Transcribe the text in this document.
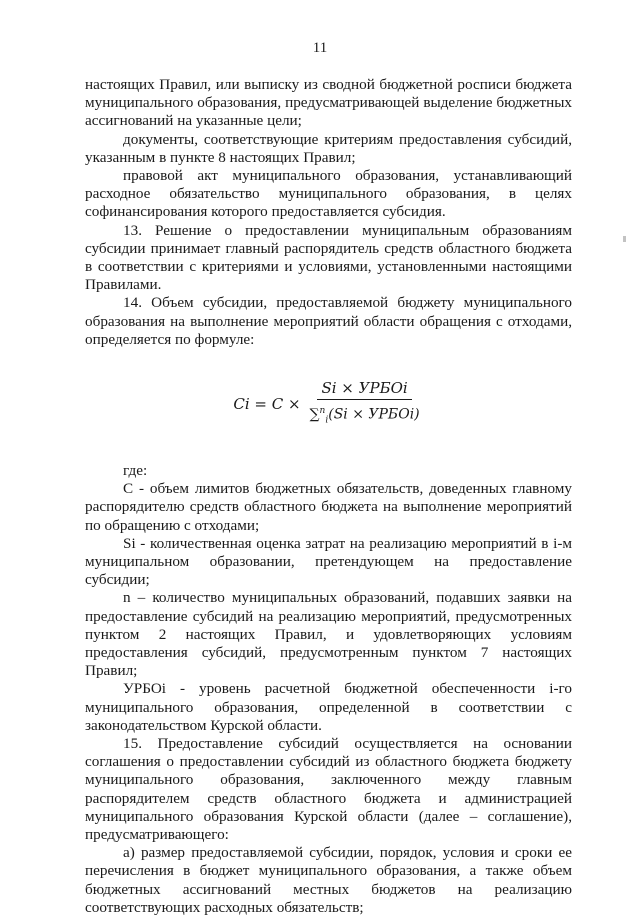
11

настоящих Правил, или выписку из сводной бюджетной росписи бюджета муниципального образования, предусматривающей выделение бюджетных ассигнований на указанные цели;

документы, соответствующие критериям предоставления субсидий, указанным в пункте 8 настоящих Правил;

правовой акт муниципального образования, устанавливающий расходное обязательство муниципального образования, в целях софинансирования которого предоставляется субсидия.

13. Решение о предоставлении муниципальным образованиям субсидии принимает главный распорядитель средств областного бюджета в соответствии с критериями и условиями, установленными настоящими Правилами.

14. Объем субсидии, предоставляемой бюджету муниципального образования на выполнение мероприятий области обращения с отходами, определяется по формуле:

$Ci = C \times \frac{\text{Si × УРБОi}}{\sum^n_i(Si \times УРБОi)}$

где:

С - объем лимитов бюджетных обязательств, доведенных главному распорядителю средств областного бюджета на выполнение мероприятий по обращению с отходами;

Si - количественная оценка затрат на реализацию мероприятий в i-м муниципальном образовании, претендующем на предоставление субсидии;

n – количество муниципальных образований, подавших заявки на предоставление субсидий на реализацию мероприятий, предусмотренных пунктом 2 настоящих Правил, и удовлетворяющих условиям предоставления субсидий, предусмотренным пунктом 7 настоящих Правил;

УРБОi - уровень расчетной бюджетной обеспеченности i-го муниципального образования, определенной в соответствии с законодательством Курской области.

15. Предоставление субсидий осуществляется на основании соглашения о предоставлении субсидий из областного бюджета бюджету муниципального образования, заключенного между главным распорядителем средств областного бюджета и администрацией муниципального образования Курской области (далее – соглашение), предусматривающего:

а) размер предоставляемой субсидии, порядок, условия и сроки ее перечисления в бюджет муниципального образования, а также объем бюджетных ассигнований местных бюджетов на реализацию соответствующих расходных обязательств;
